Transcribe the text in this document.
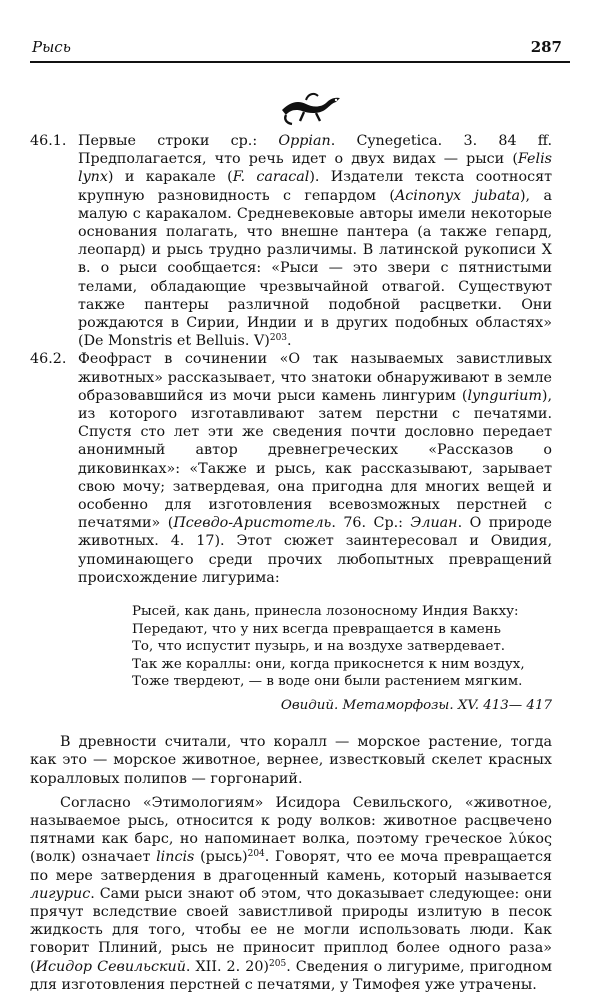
Рысь	287
46.1. Первые строки ср.: Oppian. Cynegetica. 3. 84 ff. Предполагается, что речь идет о двух видах — рыси (Felis lynx) и каракале (F. caracal). Издатели текста соотносят крупную разновидность с гепардом (Acinonyx jubata), а малую с каракалом. Средневековые авторы имели некоторые основания полагать, что внешне пантера (а также гепард, леопард) и рысь трудно различимы. В латинской рукописи X в. о рыси сообщается: «Рыси — это звери с пятнистыми телами, обладающие чрезвычайной отвагой. Существуют также пантеры различной подобной расцветки. Они рождаются в Сирии, Индии и в других подобных областях» (De Monstris et Belluis. V)$^{203}$.
46.2. Феофраст в сочинении «О так называемых завистливых животных» рассказывает, что знатоки обнаруживают в земле образовавшийся из мочи рыси камень лингурим (lyngurium), из которого изготавливают затем перстни с печатями. Спустя сто лет эти же сведения почти дословно передает анонимный автор древнегреческих «Рассказов о диковинках»: «Также и рысь, как рассказывают, зарывает свою мочу; затвердевая, она пригодна для многих вещей и особенно для изготовления всевозможных перстней с печатями» (Псевдо-Аристотель. 76. Ср.: Элиан. О природе животных. 4. 17). Этот сюжет заинтересовал и Овидия, упоминающего среди прочих любопытных превращений происхождение лигурима:
Рысей, как дань, принесла лозоносному Индия Вакху:
Передают, что у них всегда превращается в камень
То, что испустит пузырь, и на воздухе затвердевает.
Так же кораллы: они, когда прикоснется к ним воздух,
Тоже твердеют, — в воде они были растением мягким.
Овидий. Метаморфозы. XV. 413— 417
В древности считали, что коралл — морское растение, тогда как это — морское животное, вернее, известковый скелет красных коралловых полипов — горгонарий.
Согласно «Этимологиям» Исидора Севильского, «животное, называемое рысь, относится к роду волков: животное расцвечено пятнами как барс, но напоминает волка, поэтому греческое λύκος (волк) означает lincis (рысь)$^{204}$. Говорят, что ее моча превращается по мере затвердения в драгоценный камень, который называется лигурис. Сами рыси знают об этом, что доказывает следующее: они прячут вследствие своей завистливой природы излитую в песок жидкость для того, чтобы ее не могли использовать люди. Как говорит Плиний, рысь не приносит приплод более одного раза» (Исидор Севильский. XII. 2. 20)$^{205}$. Сведения о лигуриме, пригодном для изготовления перстней с печатями, у Тимофея уже утрачены.
